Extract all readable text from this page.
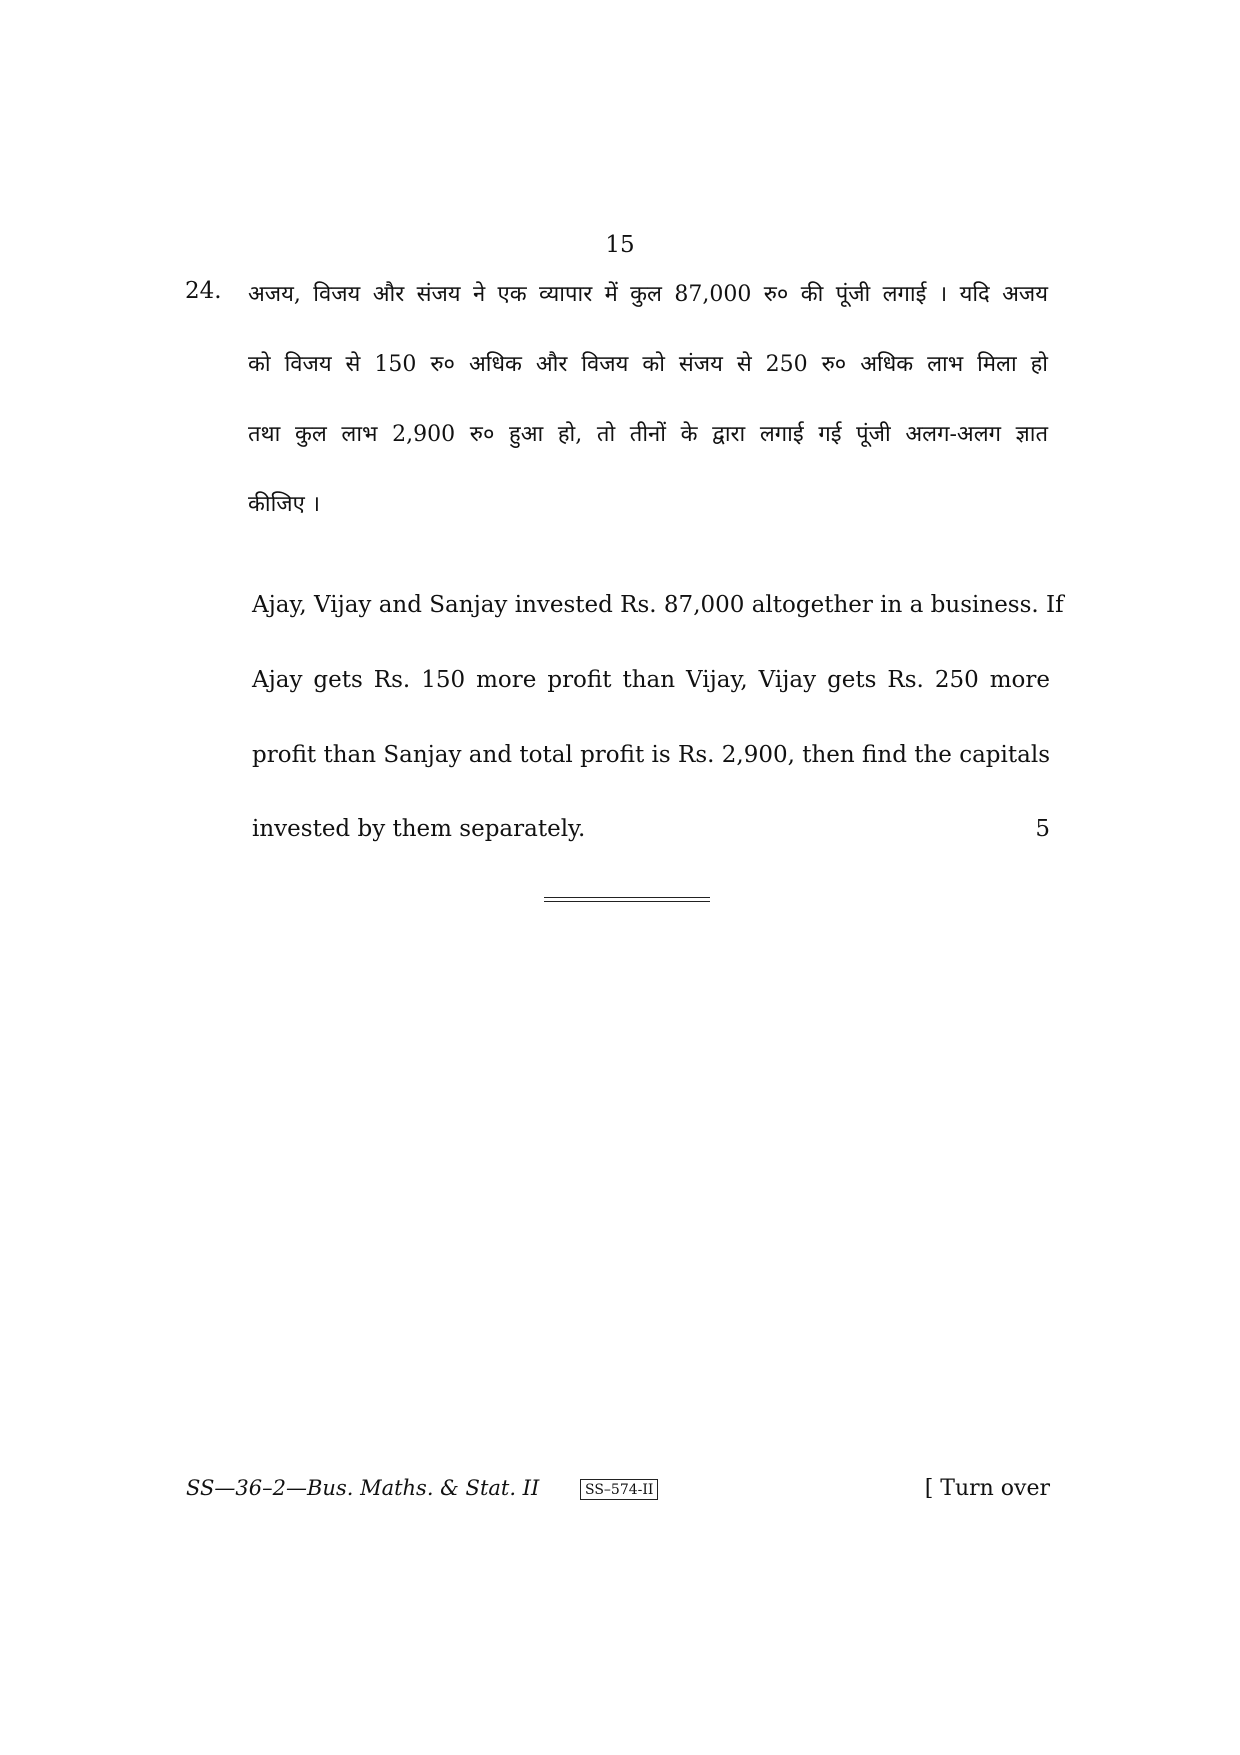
15
24. अजय, विजय और संजय ने एक व्यापार में कुल 87,000 रु० की पूंजी लगाई । यदि अजय
को विजय से 150 रु० अधिक और विजय को संजय से 250 रु० अधिक लाभ मिला हो
तथा कुल लाभ 2,900 रु० हुआ हो, तो तीनों के द्वारा लगाई गई पूंजी अलग-अलग ज्ञात
कीजिए ।
Ajay, Vijay and Sanjay invested Rs. 87,000 altogether in a business. If
Ajay gets Rs. 150 more profit than Vijay, Vijay gets Rs. 250 more
profit than Sanjay and total profit is Rs. 2,900, then find the capitals
invested by them separately.	5
SS—36–2—Bus. Maths. & Stat. II	SS–574-II	[ Turn over
